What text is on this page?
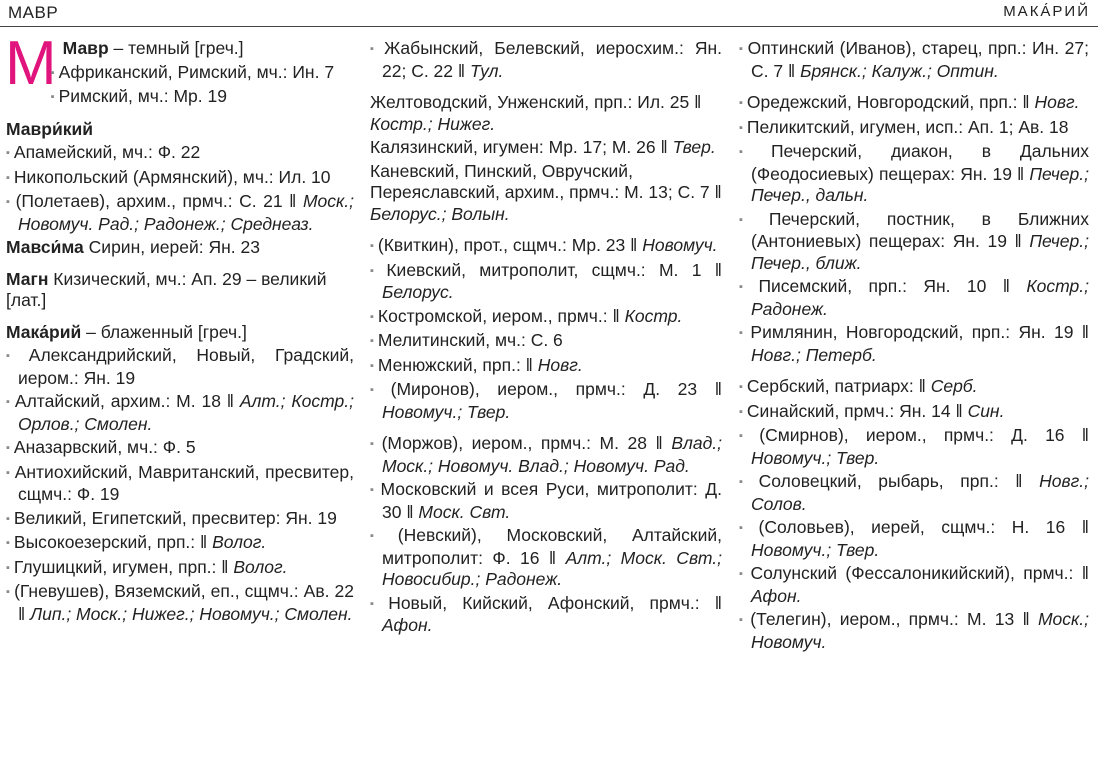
МАВР	МАКА́РИЙ
М Мавр – темный [греч.]
▪ Африканский, Римский, мч.: Ин. 7
▪ Римский, мч.: Мр. 19
Маври́кий
▪ Апамейский, мч.: Ф. 22
▪ Никопольский (Армянский), мч.: Ил. 10
▪ (Полетаев), архим., прмч.: С. 21 ‖ Моск.; Новомуч. Рад.; Радонеж.; Среднеаз.
Мавси́ма Сирин, иерей: Ян. 23
Магн Кизический, мч.: Ап. 29 – великий [лат.]
Мака́рий – блаженный [греч.]
▪ Александрийский, Новый, Градский, иером.: Ян. 19
▪ Алтайский, архим.: М. 18 ‖ Алт.; Костр.; Орлов.; Смолен.
▪ Аназарвский, мч.: Ф. 5
▪ Антиохийский, Мавританский, пресвитер, сщмч.: Ф. 19
▪ Великий, Египетский, пресвитер: Ян. 19
▪ Высокоезерский, прп.: ‖ Волог.
▪ Глушицкий, игумен, прп.: ‖ Волог.
▪ (Гневушев), Вяземский, еп., сщмч.: Ав. 22 ‖ Лип.; Моск.; Нижег.; Новомуч.; Смолен.
▪ Жабынский, Белевский, иеросхим.: Ян. 22; С. 22 ‖ Тул.
Желтоводский, Унженский, прп.: Ил. 25 ‖ Костр.; Нижег.
Калязинский, игумен: Мр. 17; М. 26 ‖ Твер.
Каневский, Пинский, Овручский, Переяславский, архим., прмч.: М. 13; С. 7 ‖ Белорус.; Волын.
▪ (Квиткин), прот., сщмч.: Мр. 23 ‖ Новомуч.
▪ Киевский, митрополит, сщмч.: М. 1 ‖ Белорус.
▪ Костромской, иером., прмч.: ‖ Костр.
▪ Мелитинский, мч.: С. 6
▪ Менюжский, прп.: ‖ Новг.
▪ (Миронов), иером., прмч.: Д. 23 ‖ Новомуч.; Твер.
▪ (Моржов), иером., прмч.: М. 28 ‖ Влад.; Моск.; Новомуч. Влад.; Новомуч. Рад.
▪ Московский и всея Руси, митрополит: Д. 30 ‖ Моск. Свт.
▪ (Невский), Московский, Алтайский, митрополит: Ф. 16 ‖ Алт.; Моск. Свт.; Новосибир.; Радонеж.
▪ Новый, Кийский, Афонский, прмч.: ‖ Афон.
▪ Оптинский (Иванов), старец, прп.: Ин. 27; С. 7 ‖ Брянск.; Калуж.; Оптин.
▪ Оредежский, Новгородский, прп.: ‖ Новг.
▪ Пеликитский, игумен, исп.: Ап. 1; Ав. 18
▪ Печерский, диакон, в Дальних (Феодосиевых) пещерах: Ян. 19 ‖ Печер.; Печер., дальн.
▪ Печерский, постник, в Ближних (Антониевых) пещерах: Ян. 19 ‖ Печер.; Печер., ближ.
▪ Писемский, прп.: Ян. 10 ‖ Костр.; Радонеж.
▪ Римлянин, Новгородский, прп.: Ян. 19 ‖ Новг.; Петерб.
▪ Сербский, патриарх: ‖ Серб.
▪ Синайский, прмч.: Ян. 14 ‖ Син.
▪ (Смирнов), иером., прмч.: Д. 16 ‖ Новомуч.; Твер.
▪ Соловецкий, рыбарь, прп.: ‖ Новг.; Солов.
▪ (Соловьев), иерей, сщмч.: Н. 16 ‖ Новомуч.; Твер.
▪ Солунский (Фессалоникийский), прмч.: ‖ Афон.
▪ (Телегин), иером., прмч.: М. 13 ‖ Моск.; Новомуч.
